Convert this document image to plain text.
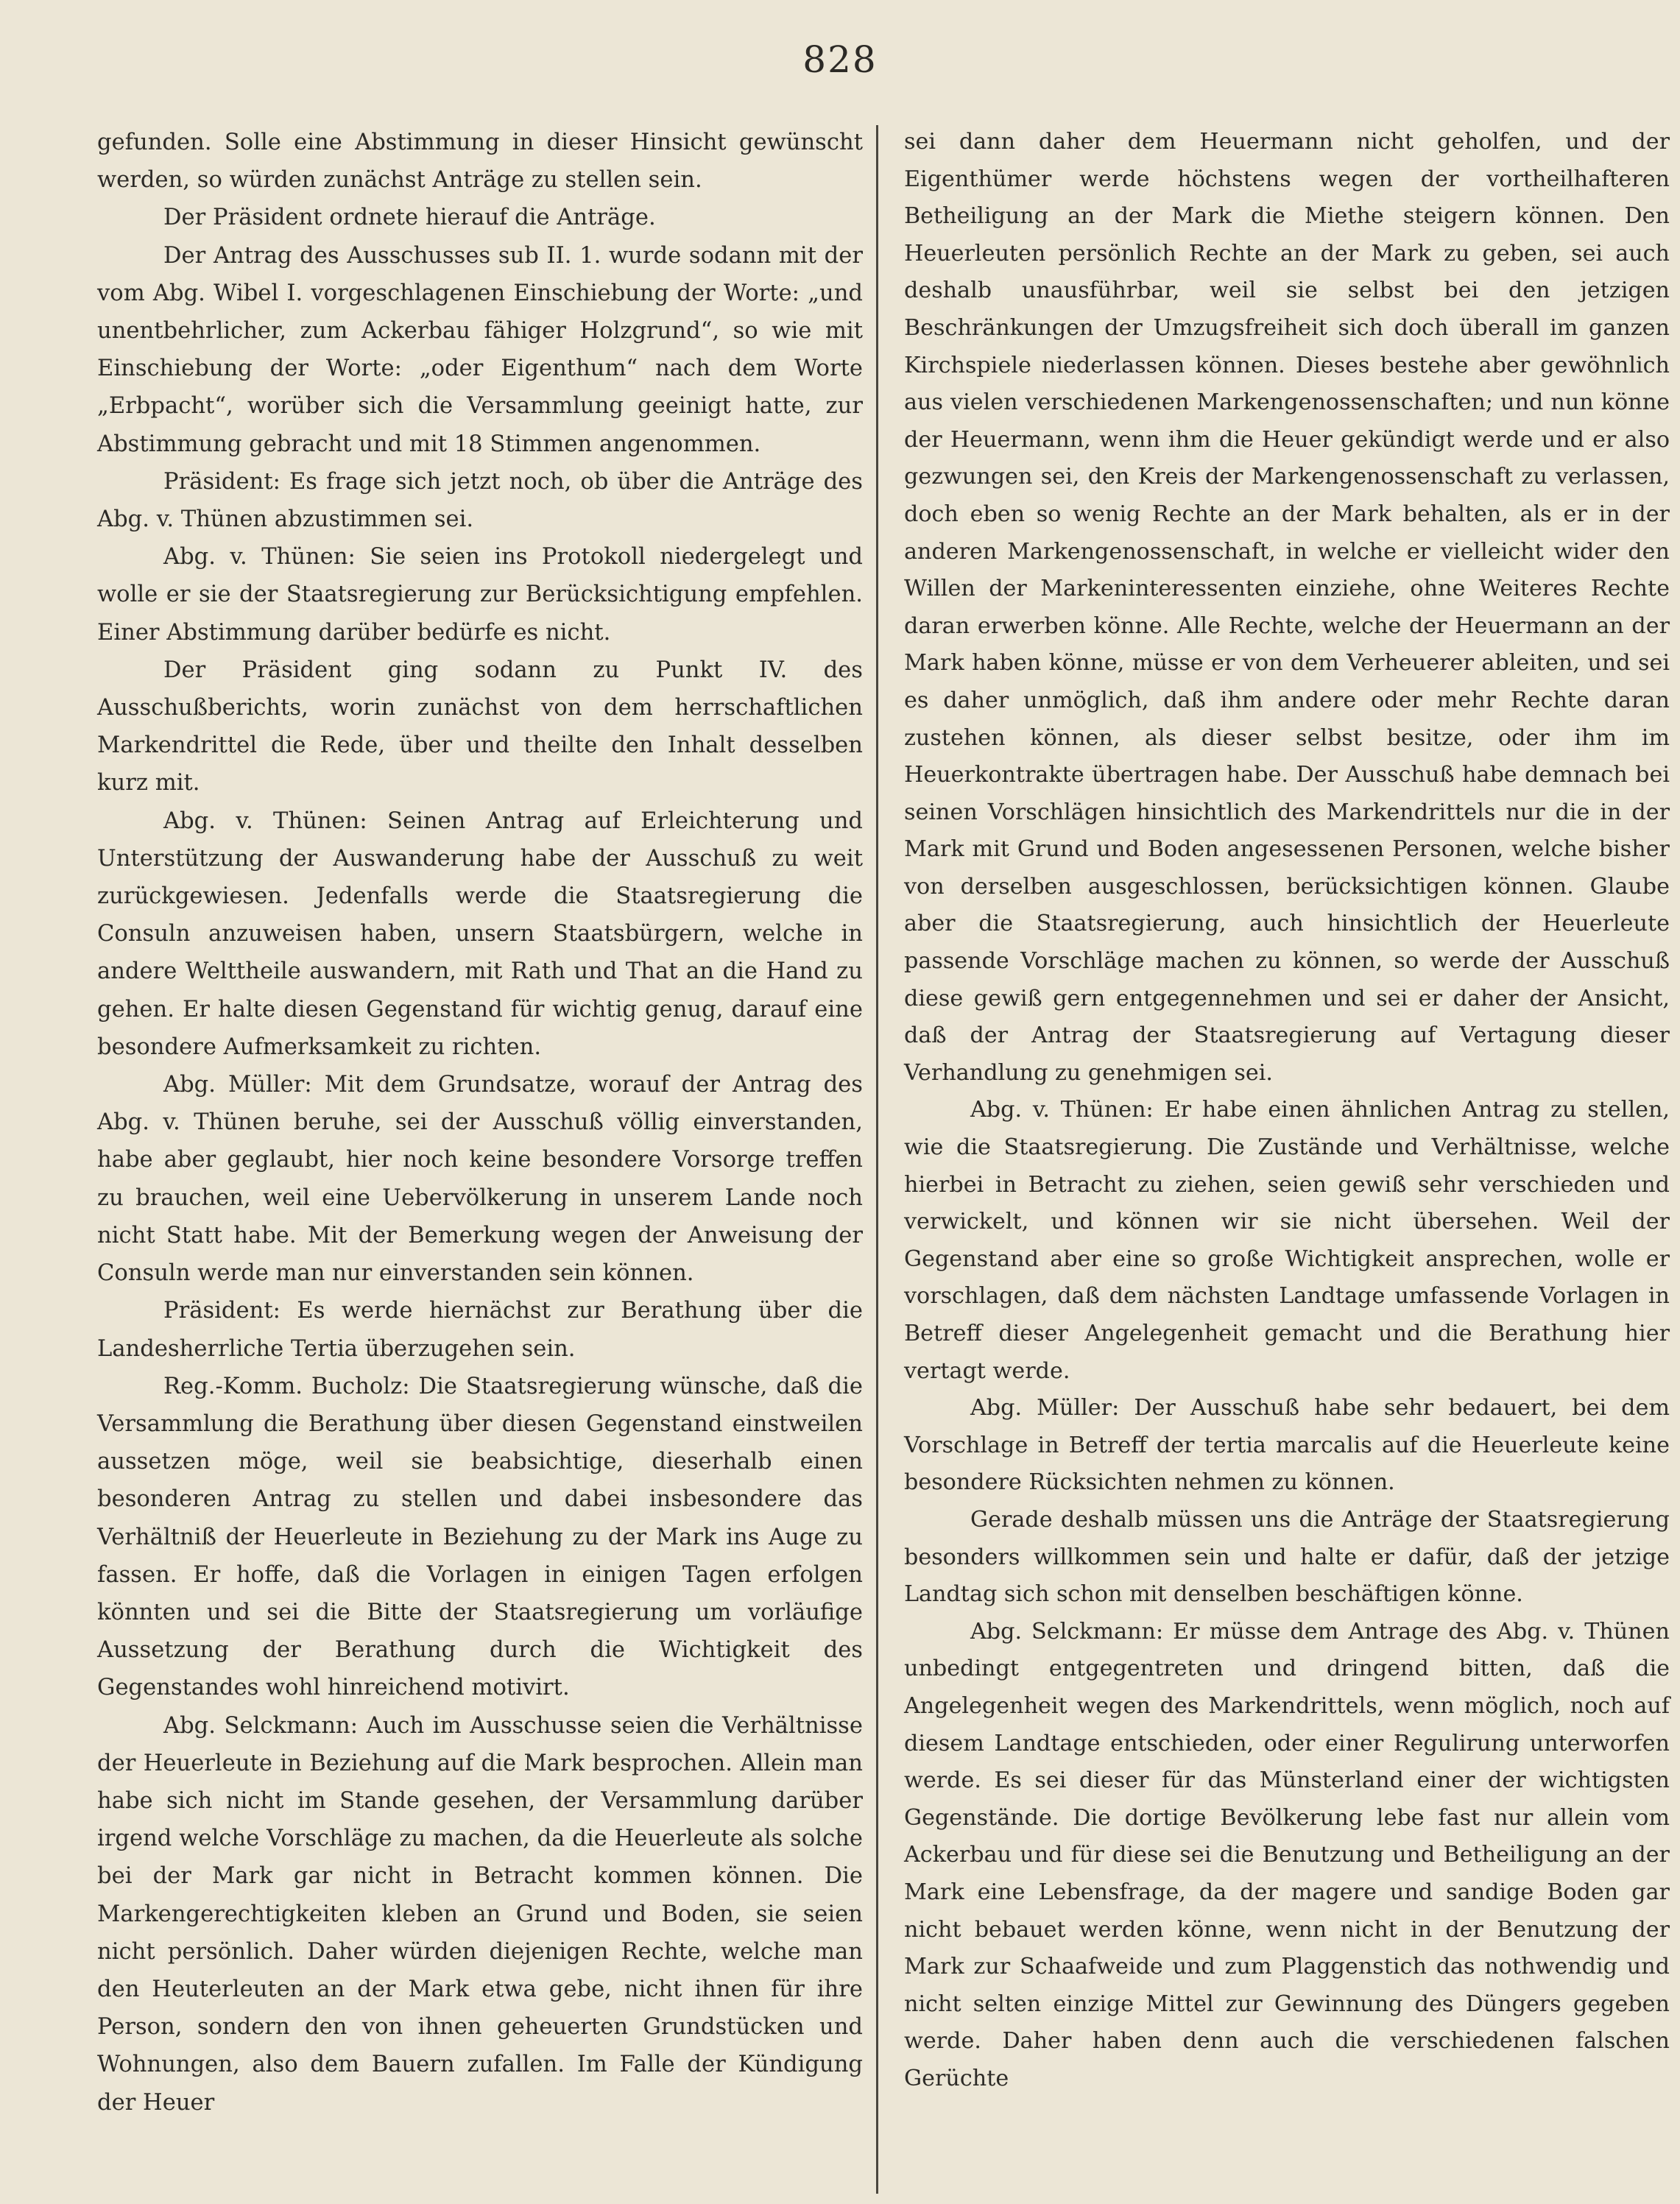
828

gefunden. Solle eine Abstimmung in dieser Hinsicht gewünscht werden, so würden zunächst Anträge zu stellen sein.

Der Präsident ordnete hierauf die Anträge.

Der Antrag des Ausschusses sub II. 1. wurde sodann mit der vom Abg. Wibel I. vorgeschlagenen Einschiebung der Worte: „und unentbehrlicher, zum Ackerbau fähiger Holzgrund“, so wie mit Einschiebung der Worte: „oder Eigenthum“ nach dem Worte „Erbpacht“, worüber sich die Versammlung geeinigt hatte, zur Abstimmung gebracht und mit 18 Stimmen angenommen.

Präsident: Es frage sich jetzt noch, ob über die Anträge des Abg. v. Thünen abzustimmen sei.

Abg. v. Thünen: Sie seien ins Protokoll niedergelegt und wolle er sie der Staatsregierung zur Berücksichtigung empfehlen. Einer Abstimmung darüber bedürfe es nicht.

Der Präsident ging sodann zu Punkt IV. des Ausschußberichts, worin zunächst von dem herrschaftlichen Markendrittel die Rede, über und theilte den Inhalt desselben kurz mit.

Abg. v. Thünen: Seinen Antrag auf Erleichterung und Unterstützung der Auswanderung habe der Ausschuß zu weit zurückgewiesen. Jedenfalls werde die Staatsregierung die Consuln anzuweisen haben, unsern Staatsbürgern, welche in andere Welttheile auswandern, mit Rath und That an die Hand zu gehen. Er halte diesen Gegenstand für wichtig genug, darauf eine besondere Aufmerksamkeit zu richten.

Abg. Müller: Mit dem Grundsatze, worauf der Antrag des Abg. v. Thünen beruhe, sei der Ausschuß völlig einverstanden, habe aber geglaubt, hier noch keine besondere Vorsorge treffen zu brauchen, weil eine Uebervölkerung in unserem Lande noch nicht Statt habe. Mit der Bemerkung wegen der Anweisung der Consuln werde man nur einverstanden sein können.

Präsident: Es werde hiernächst zur Berathung über die Landesherrliche Tertia überzugehen sein.

Reg.-Komm. Bucholz: Die Staatsregierung wünsche, daß die Versammlung die Berathung über diesen Gegenstand einstweilen aussetzen möge, weil sie beabsichtige, dieserhalb einen besonderen Antrag zu stellen und dabei insbesondere das Verhältniß der Heuerleute in Beziehung zu der Mark ins Auge zu fassen. Er hoffe, daß die Vorlagen in einigen Tagen erfolgen könnten und sei die Bitte der Staatsregierung um vorläufige Aussetzung der Berathung durch die Wichtigkeit des Gegenstandes wohl hinreichend motivirt.

Abg. Selckmann: Auch im Ausschusse seien die Verhältnisse der Heuerleute in Beziehung auf die Mark besprochen. Allein man habe sich nicht im Stande gesehen, der Versammlung darüber irgend welche Vorschläge zu machen, da die Heuerleute als solche bei der Mark gar nicht in Betracht kommen können. Die Markengerechtigkeiten kleben an Grund und Boden, sie seien nicht persönlich. Daher würden diejenigen Rechte, welche man den Heuterleuten an der Mark etwa gebe, nicht ihnen für ihre Person, sondern den von ihnen geheuerten Grundstücken und Wohnungen, also dem Bauern zufallen. Im Falle der Kündigung der Heuer

sei dann daher dem Heuermann nicht geholfen, und der Eigenthümer werde höchstens wegen der vortheilhafteren Betheiligung an der Mark die Miethe steigern können. Den Heuerleuten persönlich Rechte an der Mark zu geben, sei auch deshalb unausführbar, weil sie selbst bei den jetzigen Beschränkungen der Umzugsfreiheit sich doch überall im ganzen Kirchspiele niederlassen können. Dieses bestehe aber gewöhnlich aus vielen verschiedenen Markengenossenschaften; und nun könne der Heuermann, wenn ihm die Heuer gekündigt werde und er also gezwungen sei, den Kreis der Markengenossenschaft zu verlassen, doch eben so wenig Rechte an der Mark behalten, als er in der anderen Markengenossenschaft, in welche er vielleicht wider den Willen der Markeninteressenten einziehe, ohne Weiteres Rechte daran erwerben könne. Alle Rechte, welche der Heuermann an der Mark haben könne, müsse er von dem Verheuerer ableiten, und sei es daher unmöglich, daß ihm andere oder mehr Rechte daran zustehen können, als dieser selbst besitze, oder ihm im Heuerkontrakte übertragen habe. Der Ausschuß habe demnach bei seinen Vorschlägen hinsichtlich des Markendrittels nur die in der Mark mit Grund und Boden angesessenen Personen, welche bisher von derselben ausgeschlossen, berücksichtigen können. Glaube aber die Staatsregierung, auch hinsichtlich der Heuerleute passende Vorschläge machen zu können, so werde der Ausschuß diese gewiß gern entgegennehmen und sei er daher der Ansicht, daß der Antrag der Staatsregierung auf Vertagung dieser Verhandlung zu genehmigen sei.

Abg. v. Thünen: Er habe einen ähnlichen Antrag zu stellen, wie die Staatsregierung. Die Zustände und Verhältnisse, welche hierbei in Betracht zu ziehen, seien gewiß sehr verschieden und verwickelt, und können wir sie nicht übersehen. Weil der Gegenstand aber eine so große Wichtigkeit ansprechen, wolle er vorschlagen, daß dem nächsten Landtage umfassende Vorlagen in Betreff dieser Angelegenheit gemacht und die Berathung hier vertagt werde.

Abg. Müller: Der Ausschuß habe sehr bedauert, bei dem Vorschlage in Betreff der tertia marcalis auf die Heuerleute keine besondere Rücksichten nehmen zu können.

Gerade deshalb müssen uns die Anträge der Staatsregierung besonders willkommen sein und halte er dafür, daß der jetzige Landtag sich schon mit denselben beschäftigen könne.

Abg. Selckmann: Er müsse dem Antrage des Abg. v. Thünen unbedingt entgegentreten und dringend bitten, daß die Angelegenheit wegen des Markendrittels, wenn möglich, noch auf diesem Landtage entschieden, oder einer Regulirung unterworfen werde. Es sei dieser für das Münsterland einer der wichtigsten Gegenstände. Die dortige Bevölkerung lebe fast nur allein vom Ackerbau und für diese sei die Benutzung und Betheiligung an der Mark eine Lebensfrage, da der magere und sandige Boden gar nicht bebauet werden könne, wenn nicht in der Benutzung der Mark zur Schaafweide und zum Plaggenstich das nothwendig und nicht selten einzige Mittel zur Gewinnung des Düngers gegeben werde. Daher haben denn auch die verschiedenen falschen Gerüchte
